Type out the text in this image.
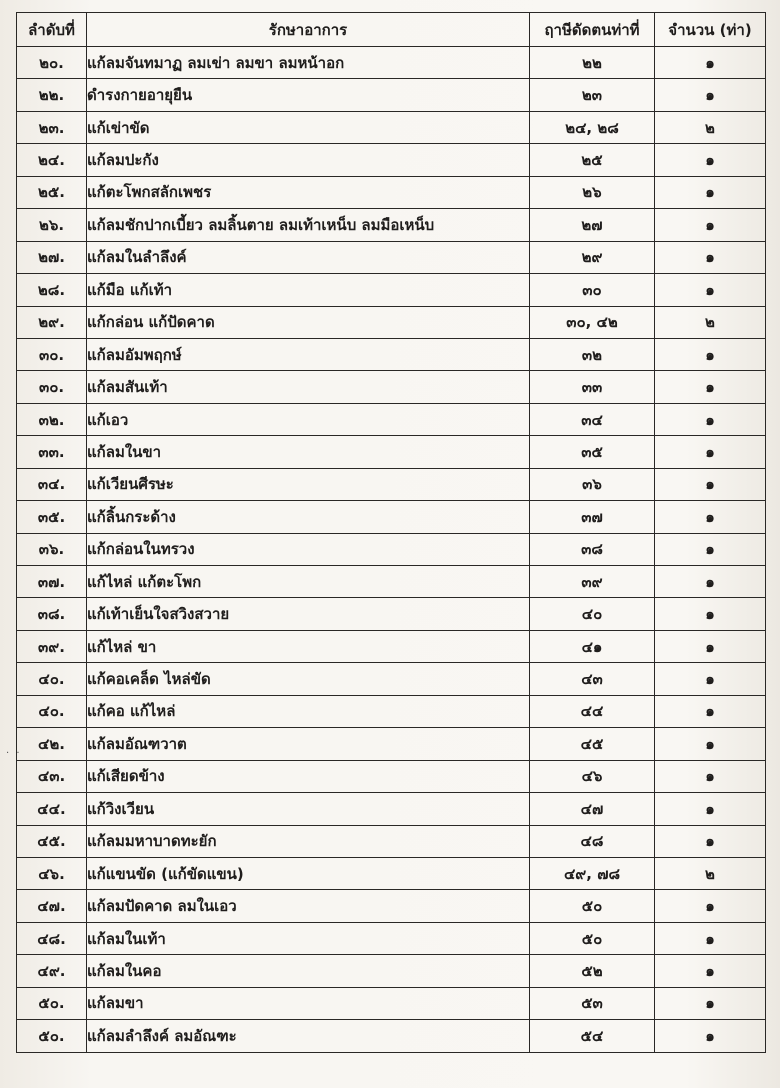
ลำดับที่	รักษาอาการ	ฤาษีดัดตนท่าที่	จำนวน (ท่า)
๒๐.	แก้ลมจันทมาฏ ลมเข่า ลมขา ลมหน้าอก	๒๒	๑
๒๒.	ดำรงกายอายุยืน	๒๓	๑
๒๓.	แก้เข่าขัด	๒๔, ๒๘	๒
๒๔.	แก้ลมปะกัง	๒๕	๑
๒๕.	แก้ตะโพกสลักเพชร	๒๖	๑
๒๖.	แก้ลมชักปากเบี้ยว ลมลิ้นตาย ลมเท้าเหน็บ ลมมือเหน็บ	๒๗	๑
๒๗.	แก้ลมในลำลึงค์	๒๙	๑
๒๘.	แก้มือ แก้เท้า	๓๐	๑
๒๙.	แก้กล่อน แก้ปัดคาด	๓๐, ๔๒	๒
๓๐.	แก้ลมอัมพฤกษ์	๓๒	๑
๓๐.	แก้ลมสันเท้า	๓๓	๑
๓๒.	แก้เอว	๓๔	๑
๓๓.	แก้ลมในขา	๓๕	๑
๓๔.	แก้เวียนศีรษะ	๓๖	๑
๓๕.	แก้ลิ้นกระด้าง	๓๗	๑
๓๖.	แก้กล่อนในทรวง	๓๘	๑
๓๗.	แก้ไหล่ แก้ตะโพก	๓๙	๑
๓๘.	แก้เท้าเย็นใจสวิงสวาย	๔๐	๑
๓๙.	แก้ไหล่ ขา	๔๑	๑
๔๐.	แก้คอเคล็ด ไหล่ขัด	๔๓	๑
๔๐.	แก้คอ แก้ไหล่	๔๔	๑
๔๒.	แก้ลมอัณฑวาต	๔๕	๑
๔๓.	แก้เสียดข้าง	๔๖	๑
๔๔.	แก้วิงเวียน	๔๗	๑
๔๕.	แก้ลมมหาบาดทะยัก	๔๘	๑
๔๖.	แก้แขนขัด (แก้ขัดแขน)	๔๙, ๗๘	๒
๔๗.	แก้ลมปัดคาด ลมในเอว	๕๐	๑
๔๘.	แก้ลมในเท้า	๕๐	๑
๔๙.	แก้ลมในคอ	๕๒	๑
๕๐.	แก้ลมขา	๕๓	๑
๕๐.	แก้ลมลำลึงค์ ลมอัณฑะ	๕๔	๑
· ·
